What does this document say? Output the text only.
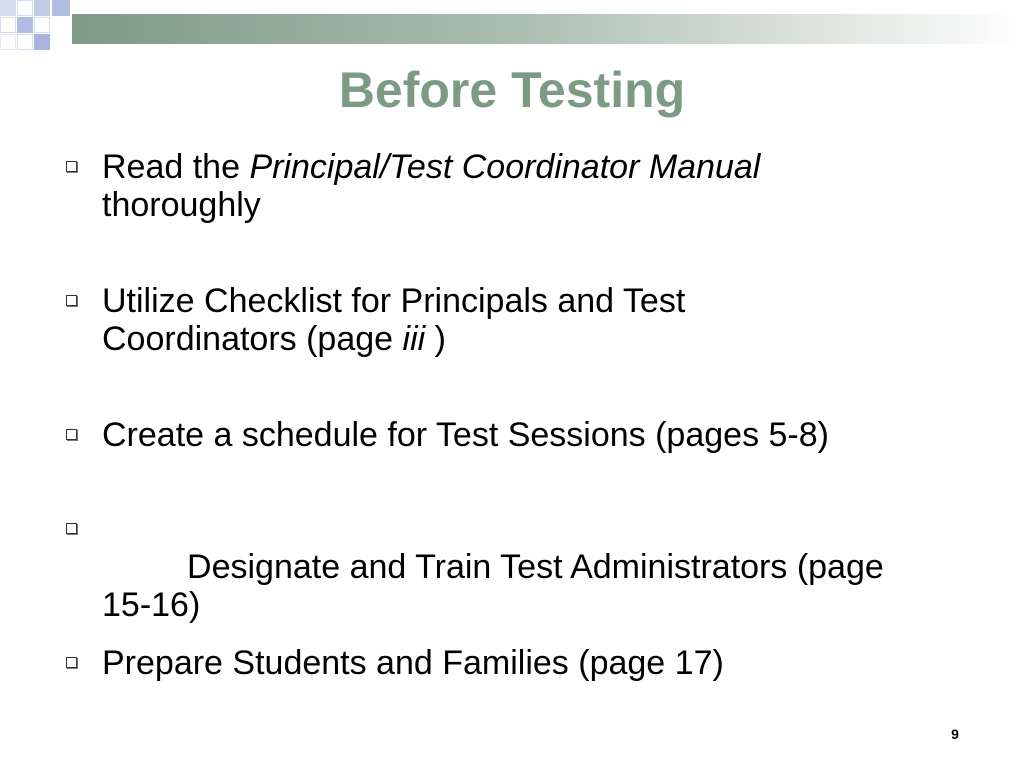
Before Testing
Read the Principal/Test Coordinator Manual
thoroughly
Utilize Checklist for Principals and Test
Coordinators (page iii )
Create a schedule for Test Sessions (pages 5-8)

Designate and Train Test Administrators (page
15-16)

Prepare Students and Families (page 17)
9
